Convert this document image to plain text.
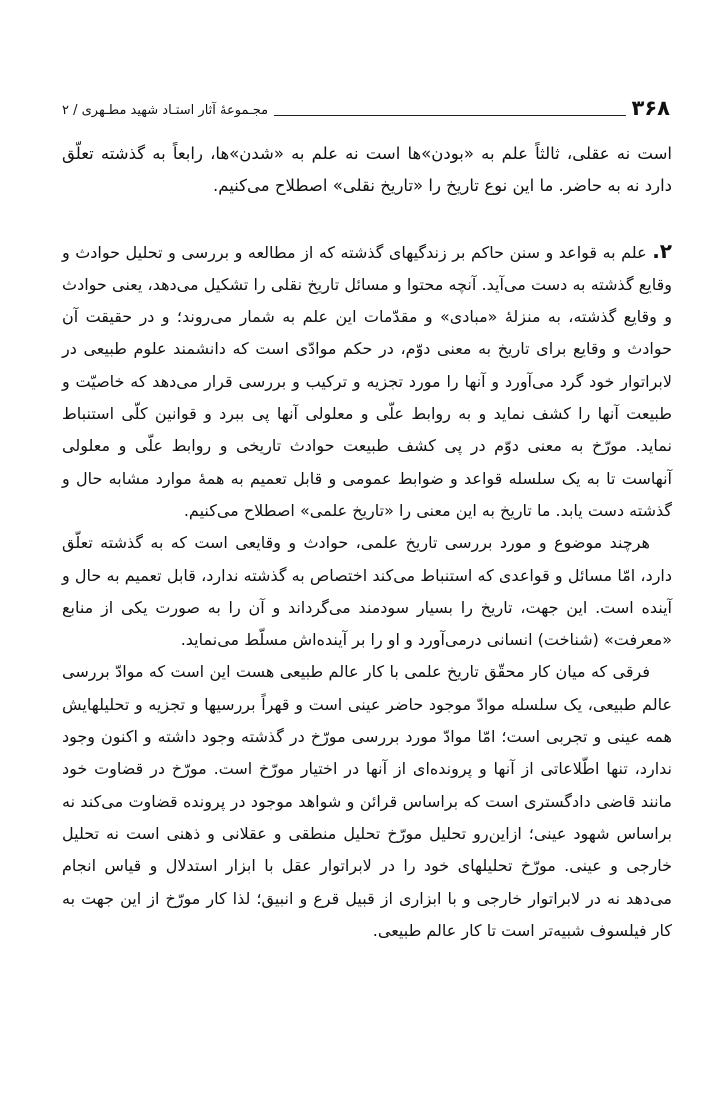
۳۶۸
مجـموعهٔ آثار استـاد شهید مطـهری / ۲

است نه عقلی، ثالثاً علم به «بودن»ها است نه علم به «شدن»ها، رابعاً به گذشته تعلّق دارد نه به حاضر. ما این نوع تاریخ را «تاریخ نقلی» اصطلاح می‌کنیم.

۲. علم به قواعد و سنن حاکم بر زندگیهای گذشته که از مطالعه و بررسی و تحلیل حوادث و وقایع گذشته به دست می‌آید. آنچه محتوا و مسائل تاریخ نقلی را تشکیل می‌دهد، یعنی حوادث و وقایع گذشته، به منزلهٔ «مبادی» و مقدّمات این علم به شمار می‌روند؛ و در حقیقت آن حوادث و وقایع برای تاریخ به معنی دوّم، در حکم موادّی است که دانشمند علوم طبیعی در لابراتوار خود گرد می‌آورد و آنها را مورد تجزیه و ترکیب و بررسی قرار می‌دهد که خاصیّت و طبیعت آنها را کشف نماید و به روابط علّی و معلولی آنها پی ببرد و قوانین کلّی استنباط نماید. مورّخ به معنی دوّم در پی کشف طبیعت حوادث تاریخی و روابط علّی و معلولی آنهاست تا به یک سلسله قواعد و ضوابط عمومی و قابل تعمیم به همهٔ موارد مشابه حال و گذشته دست یابد. ما تاریخ به این معنی را «تاریخ علمی» اصطلاح می‌کنیم.

هرچند موضوع و مورد بررسی تاریخ علمی، حوادث و وقایعی است که به گذشته تعلّق دارد، امّا مسائل و قواعدی که استنباط می‌کند اختصاص به گذشته ندارد، قابل تعمیم به حال و آینده است. این جهت، تاریخ را بسیار سودمند می‌گرداند و آن را به صورت یکی از منابع «معرفت» (شناخت) انسانی درمی‌آورد و او را بر آینده‌اش مسلّط می‌نماید.

فرقی که میان کار محقّق تاریخ علمی با کار عالم طبیعی هست این است که موادّ بررسی عالم طبیعی، یک سلسله موادّ موجود حاضر عینی است و قهراً بررسیها و تجزیه و تحلیلهایش همه عینی و تجربی است؛ امّا موادّ مورد بررسی مورّخ در گذشته وجود داشته و اکنون وجود ندارد، تنها اطّلاعاتی از آنها و پرونده‌ای از آنها در اختیار مورّخ است. مورّخ در قضاوت خود مانند قاضی دادگستری است که براساس قرائن و شواهد موجود در پرونده قضاوت می‌کند نه براساس شهود عینی؛ ازاین‌رو تحلیل مورّخ تحلیل منطقی و عقلانی و ذهنی است نه تحلیل خارجی و عینی. مورّخ تحلیلهای خود را در لابراتوار عقل با ابزار استدلال و قیاس انجام می‌دهد نه در لابراتوار خارجی و با ابزاری از قبیل قرع و انبیق؛ لذا کار مورّخ از این جهت به کار فیلسوف شبیه‌تر است تا کار عالم طبیعی.
